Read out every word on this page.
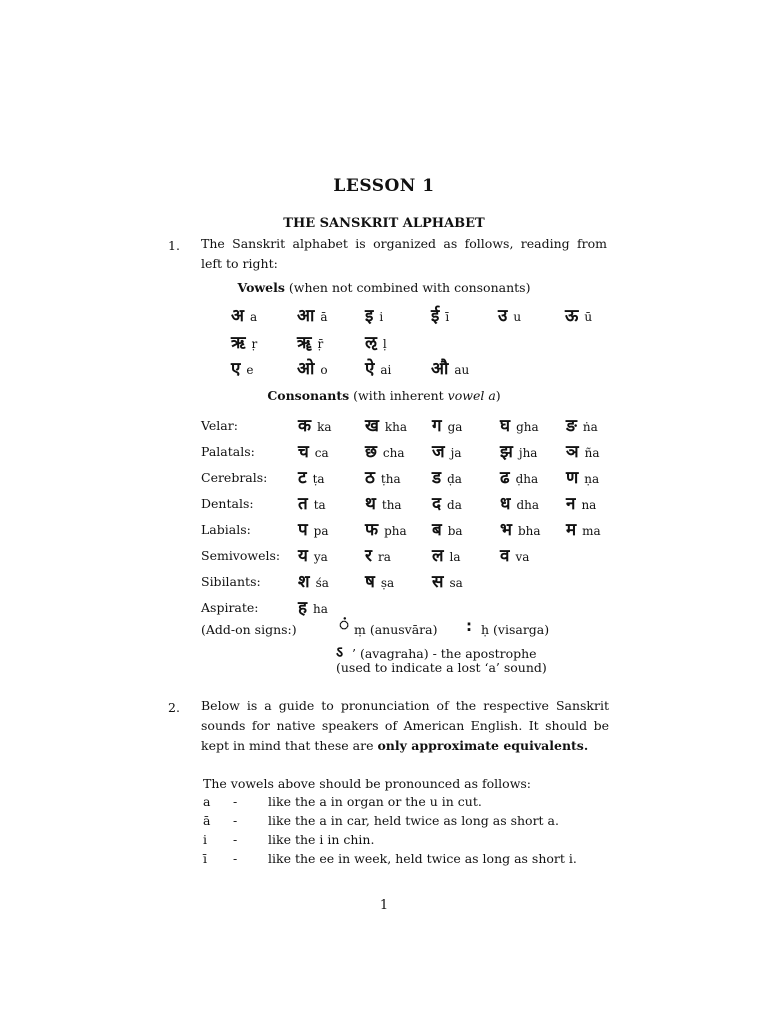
LESSON 1
THE SANSKRIT ALPHABET
1. The Sanskrit alphabet is organized as follows, reading from
left to right:
Vowels (when not combined with consonants)
अ a आ ā इ i	ई ī	उ u	ऊ ū
ऋ ṛ ॠ ṝ ऌ ḷ
ए e	ओ o ऐ ai औ au
Consonants (with inherent vowel a)
Velar:	क ka ख kha ग ga घ gha ङ ṅa
Palatals:	च ca छ cha ज ja झ jha ञ ña
Cerebrals: ट ṭa ठ ṭha ड ḍa ढ ḍha ण ṇa
Dentals:	त ta थ tha द da ध dha न na
Labials:	प pa फ pha ब ba भ bha म ma
Semivowels: य ya र ra ल la व va
Sibilants: श śa ष ṣa स sa
Aspirate: ह ha
(Add-on signs:) ं ṃ (anusvāra) : ḥ (visarga)
ऽ ’ (avagraha) - the apostrophe
(used to indicate a lost ‘a’ sound)
2. Below is a guide to pronunciation of the respective Sanskrit
sounds for native speakers of American English. It should be
kept in mind that these are only approximate equivalents.
The vowels above should be pronounced as follows:
a - like the a in organ or the u in cut.
ā - like the a in car, held twice as long as short a.
i - like the i in chin.
ī - like the ee in week, held twice as long as short i.
1
